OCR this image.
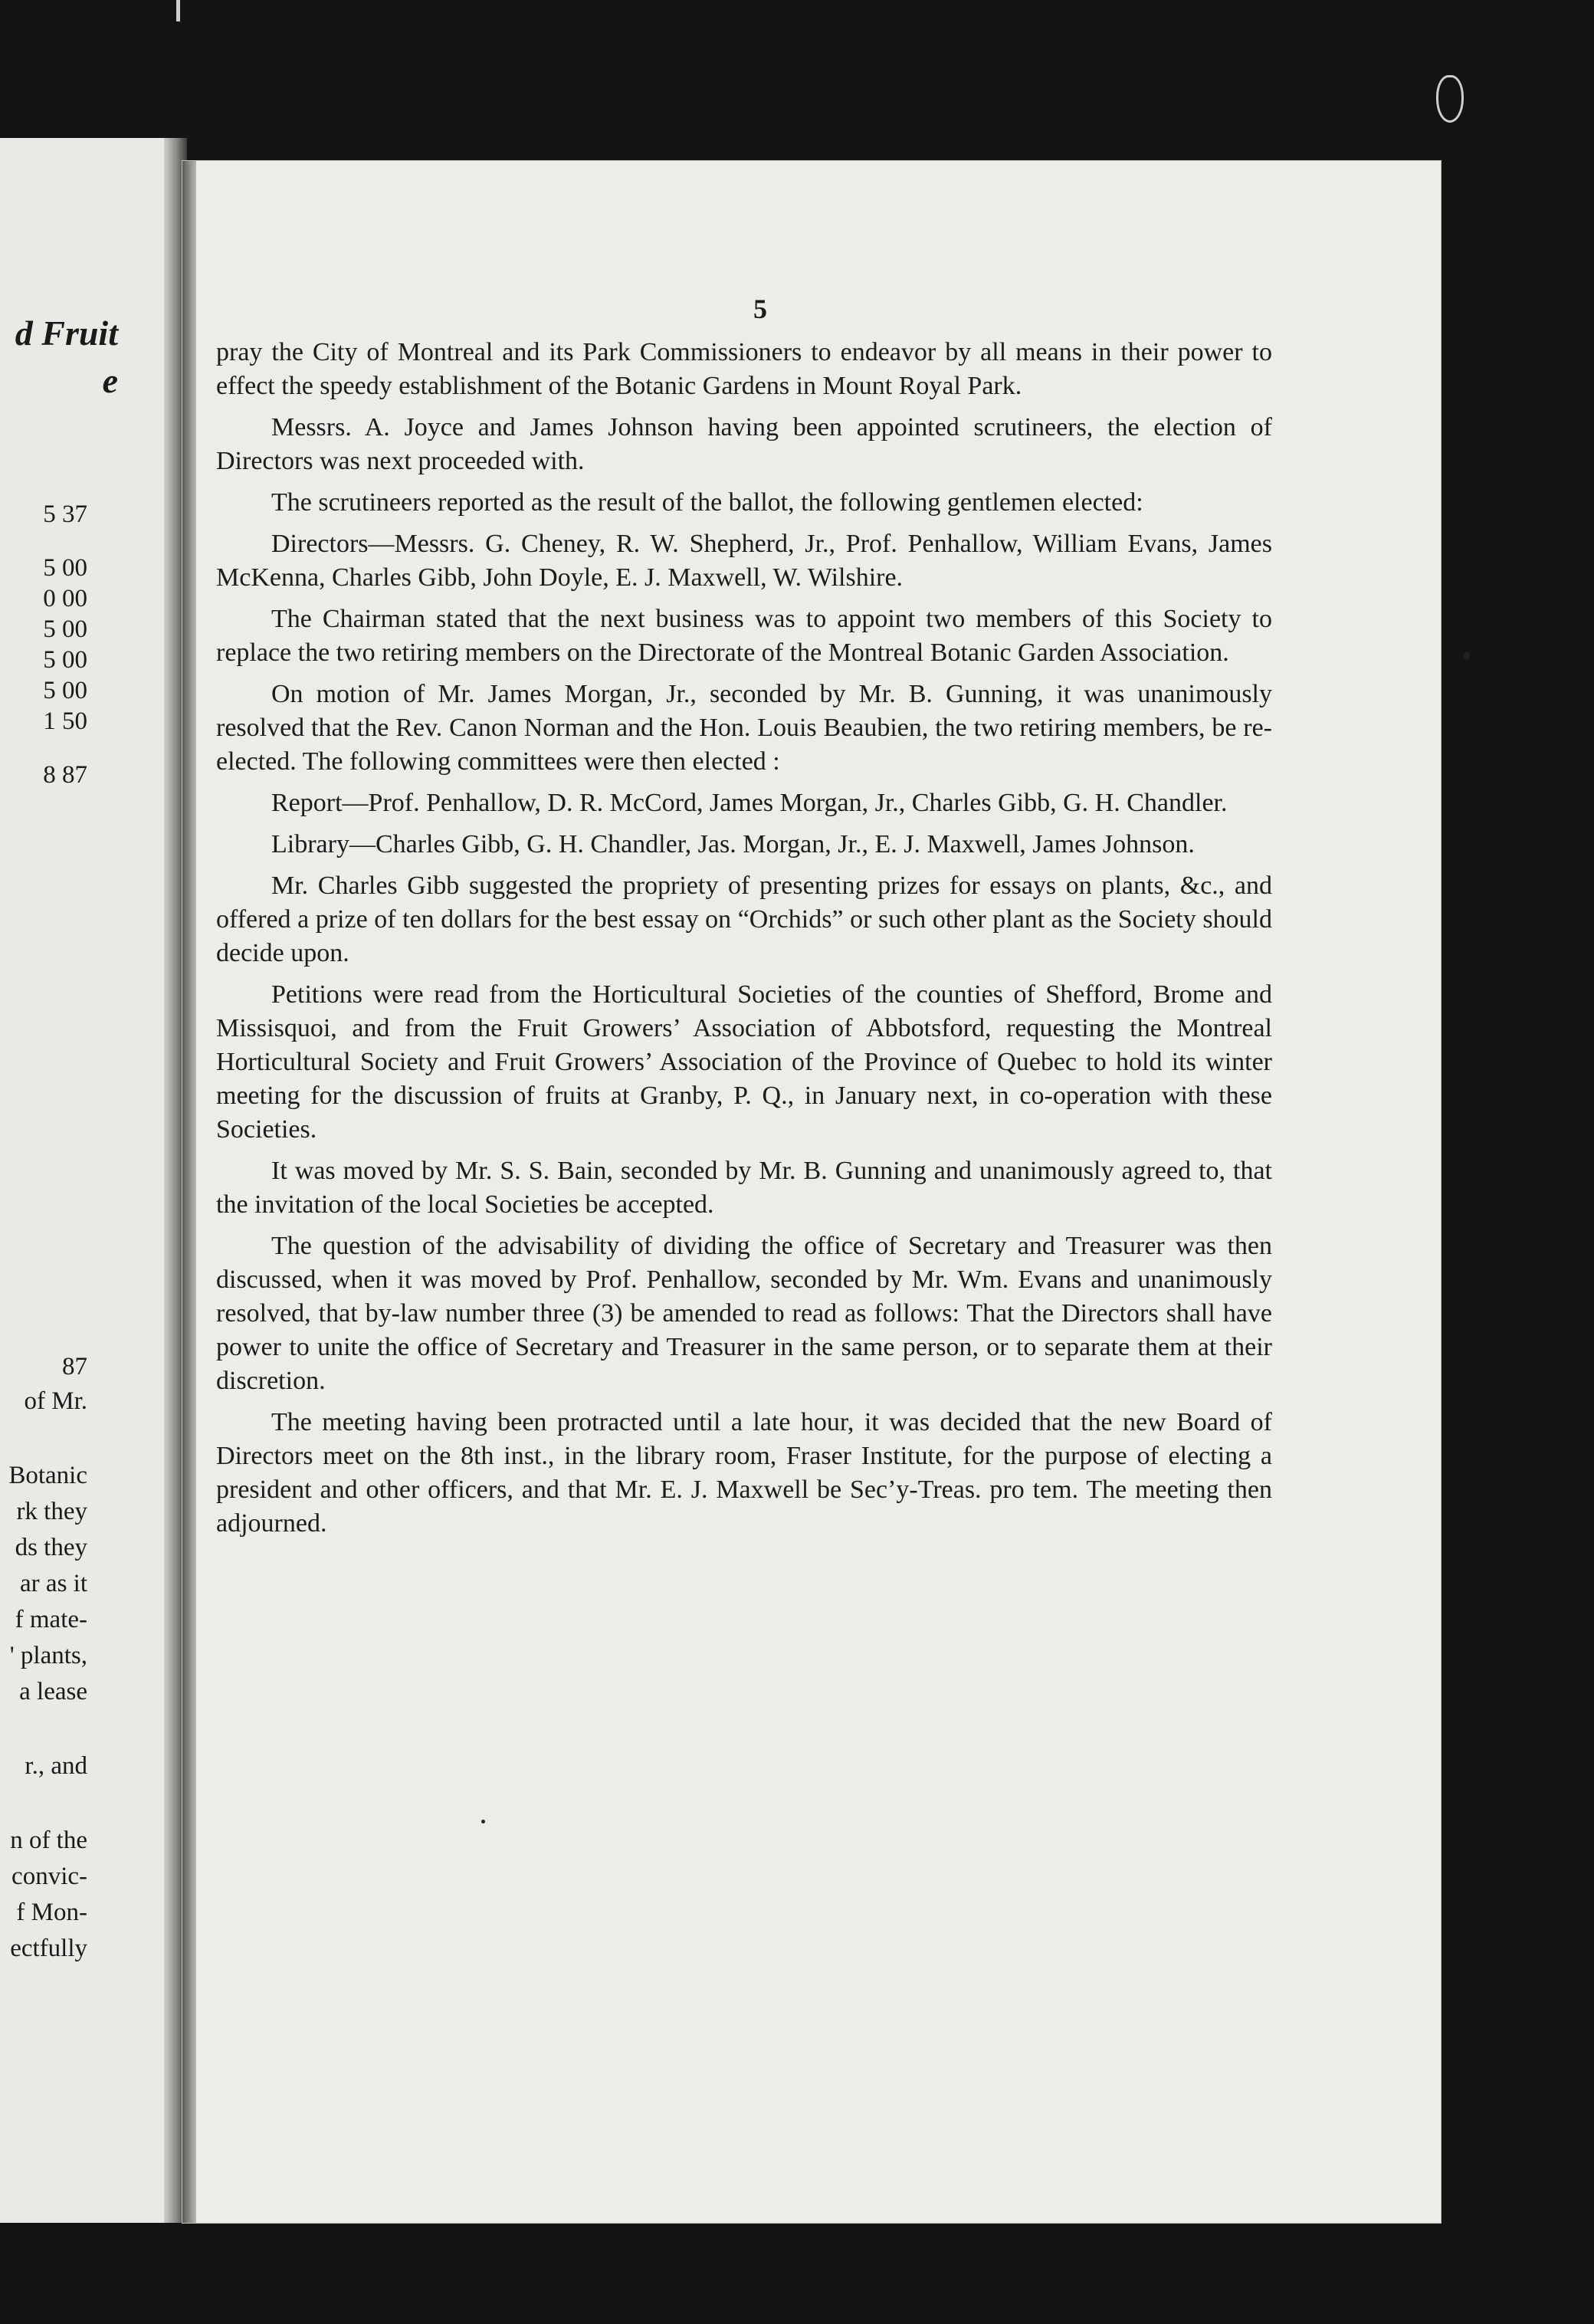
d Fruit
e
5 37
5 00
0 00
5 00
5 00
5 00
1 50
8 87
87
of Mr.
Botanic
rk they
ds they
ar as it
f mate-
' plants,
a lease
r., and
n of the
convic-
f Mon-
ectfully
5

pray the City of Montreal and its Park Commissioners to endeavor by all means in their power to effect the speedy establishment of the Botanic Gardens in Mount Royal Park.

Messrs. A. Joyce and James Johnson having been appointed scrutineers, the election of Directors was next proceeded with.

The scrutineers reported as the result of the ballot, the following gentlemen elected:

Directors—Messrs. G. Cheney, R. W. Shepherd, Jr., Prof. Penhallow, William Evans, James McKenna, Charles Gibb, John Doyle, E. J. Maxwell, W. Wilshire.

The Chairman stated that the next business was to appoint two members of this Society to replace the two retiring members on the Directorate of the Montreal Botanic Garden Association.

On motion of Mr. James Morgan, Jr., seconded by Mr. B. Gunning, it was unanimously resolved that the Rev. Canon Norman and the Hon. Louis Beaubien, the two retiring members, be re-elected. The following committees were then elected :

Report—Prof. Penhallow, D. R. McCord, James Morgan, Jr., Charles Gibb, G. H. Chandler.

Library—Charles Gibb, G. H. Chandler, Jas. Morgan, Jr., E. J. Maxwell, James Johnson.

Mr. Charles Gibb suggested the propriety of presenting prizes for essays on plants, &c., and offered a prize of ten dollars for the best essay on “Orchids” or such other plant as the Society should decide upon.

Petitions were read from the Horticultural Societies of the counties of Shefford, Brome and Missisquoi, and from the Fruit Growers’ Association of Abbotsford, requesting the Montreal Horticultural Society and Fruit Growers’ Association of the Province of Quebec to hold its winter meeting for the discussion of fruits at Granby, P. Q., in January next, in co-operation with these Societies.

It was moved by Mr. S. S. Bain, seconded by Mr. B. Gunning and unanimously agreed to, that the invitation of the local Societies be accepted.

The question of the advisability of dividing the office of Secretary and Treasurer was then discussed, when it was moved by Prof. Penhallow, seconded by Mr. Wm. Evans and unanimously resolved, that by-law number three (3) be amended to read as follows: That the Directors shall have power to unite the office of Secretary and Treasurer in the same person, or to separate them at their discretion.

The meeting having been protracted until a late hour, it was decided that the new Board of Directors meet on the 8th inst., in the library room, Fraser Institute, for the purpose of electing a president and other officers, and that Mr. E. J. Maxwell be Sec’y-Treas. pro tem. The meeting then adjourned.
